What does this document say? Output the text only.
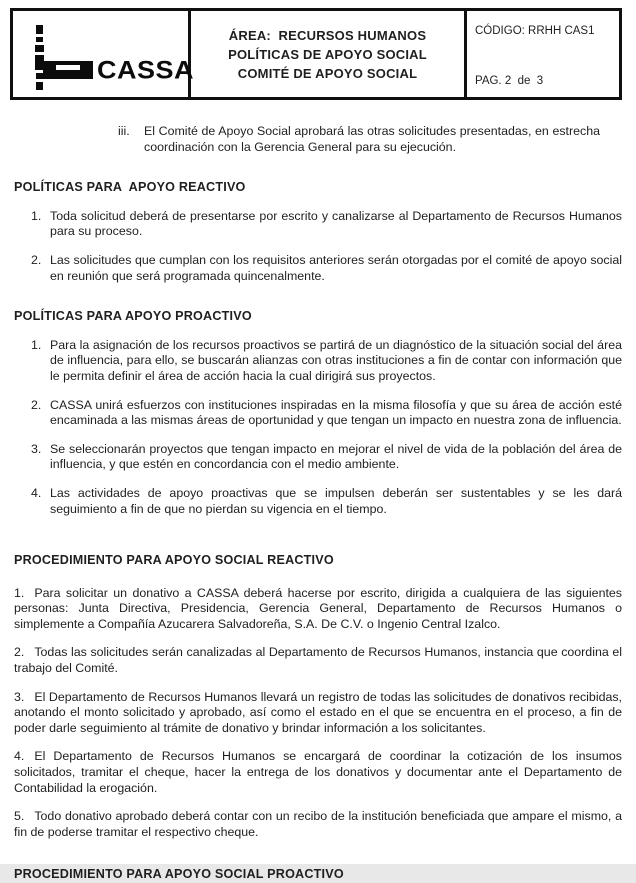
CASSA
ÁREA:  RECURSOS HUMANOS
POLÍTICAS DE APOYO SOCIAL
COMITÉ DE APOYO SOCIAL
CÓDIGO: RRHH CAS1
PAG. 2  de  3
iii.	El Comité de Apoyo Social aprobará las otras solicitudes presentadas, en estrecha coordinación con la Gerencia General para su ejecución.
POLÍTICAS PARA  APOYO REACTIVO
1. Toda solicitud deberá de presentarse por escrito y canalizarse al Departamento de Recursos Humanos para su proceso.
2. Las solicitudes que cumplan con los requisitos anteriores serán otorgadas por el comité de apoyo social en reunión que será programada quincenalmente.
POLÍTICAS PARA APOYO PROACTIVO
1. Para la asignación de los recursos proactivos se partirá de un diagnóstico de la situación social del área de influencia, para ello, se buscarán alianzas con otras instituciones a fin de contar con información que le permita definir el área de acción hacia la cual dirigirá sus proyectos.
2. CASSA unirá esfuerzos con instituciones inspiradas en la misma filosofía y que su área de acción esté encaminada a las mismas áreas de oportunidad y que tengan un impacto en nuestra zona de influencia.
3. Se seleccionarán proyectos que tengan impacto en mejorar el nivel de vida de la población del área de influencia, y que estén en concordancia con el medio ambiente.
4. Las actividades de apoyo proactivas que se impulsen deberán ser sustentables y se les dará seguimiento a fin de que no pierdan su vigencia en el tiempo.
PROCEDIMIENTO PARA APOYO SOCIAL REACTIVO

1. Para solicitar un donativo a CASSA deberá hacerse por escrito, dirigida a cualquiera de las siguientes personas: Junta Directiva, Presidencia, Gerencia General, Departamento de Recursos Humanos o simplemente a Compañía Azucarera Salvadoreña, S.A. De C.V. o Ingenio Central Izalco.

2. Todas las solicitudes serán canalizadas al Departamento de Recursos Humanos, instancia que coordina el trabajo del Comité.

3. El Departamento de Recursos Humanos llevará un registro de todas las solicitudes de donativos recibidas, anotando el monto solicitado y aprobado, así como el estado en el que se encuentra en el proceso, a fin de poder darle seguimiento al trámite de donativo y brindar información a los solicitantes.

4. El Departamento de Recursos Humanos se encargará de coordinar la cotización de los insumos solicitados, tramitar el cheque, hacer la entrega de los donativos y documentar ante el Departamento de Contabilidad la erogación.

5. Todo donativo aprobado deberá contar con un recibo de la institución beneficiada que ampare el mismo, a fin de poderse tramitar el respectivo cheque.

PROCEDIMIENTO PARA APOYO SOCIAL PROACTIVO
